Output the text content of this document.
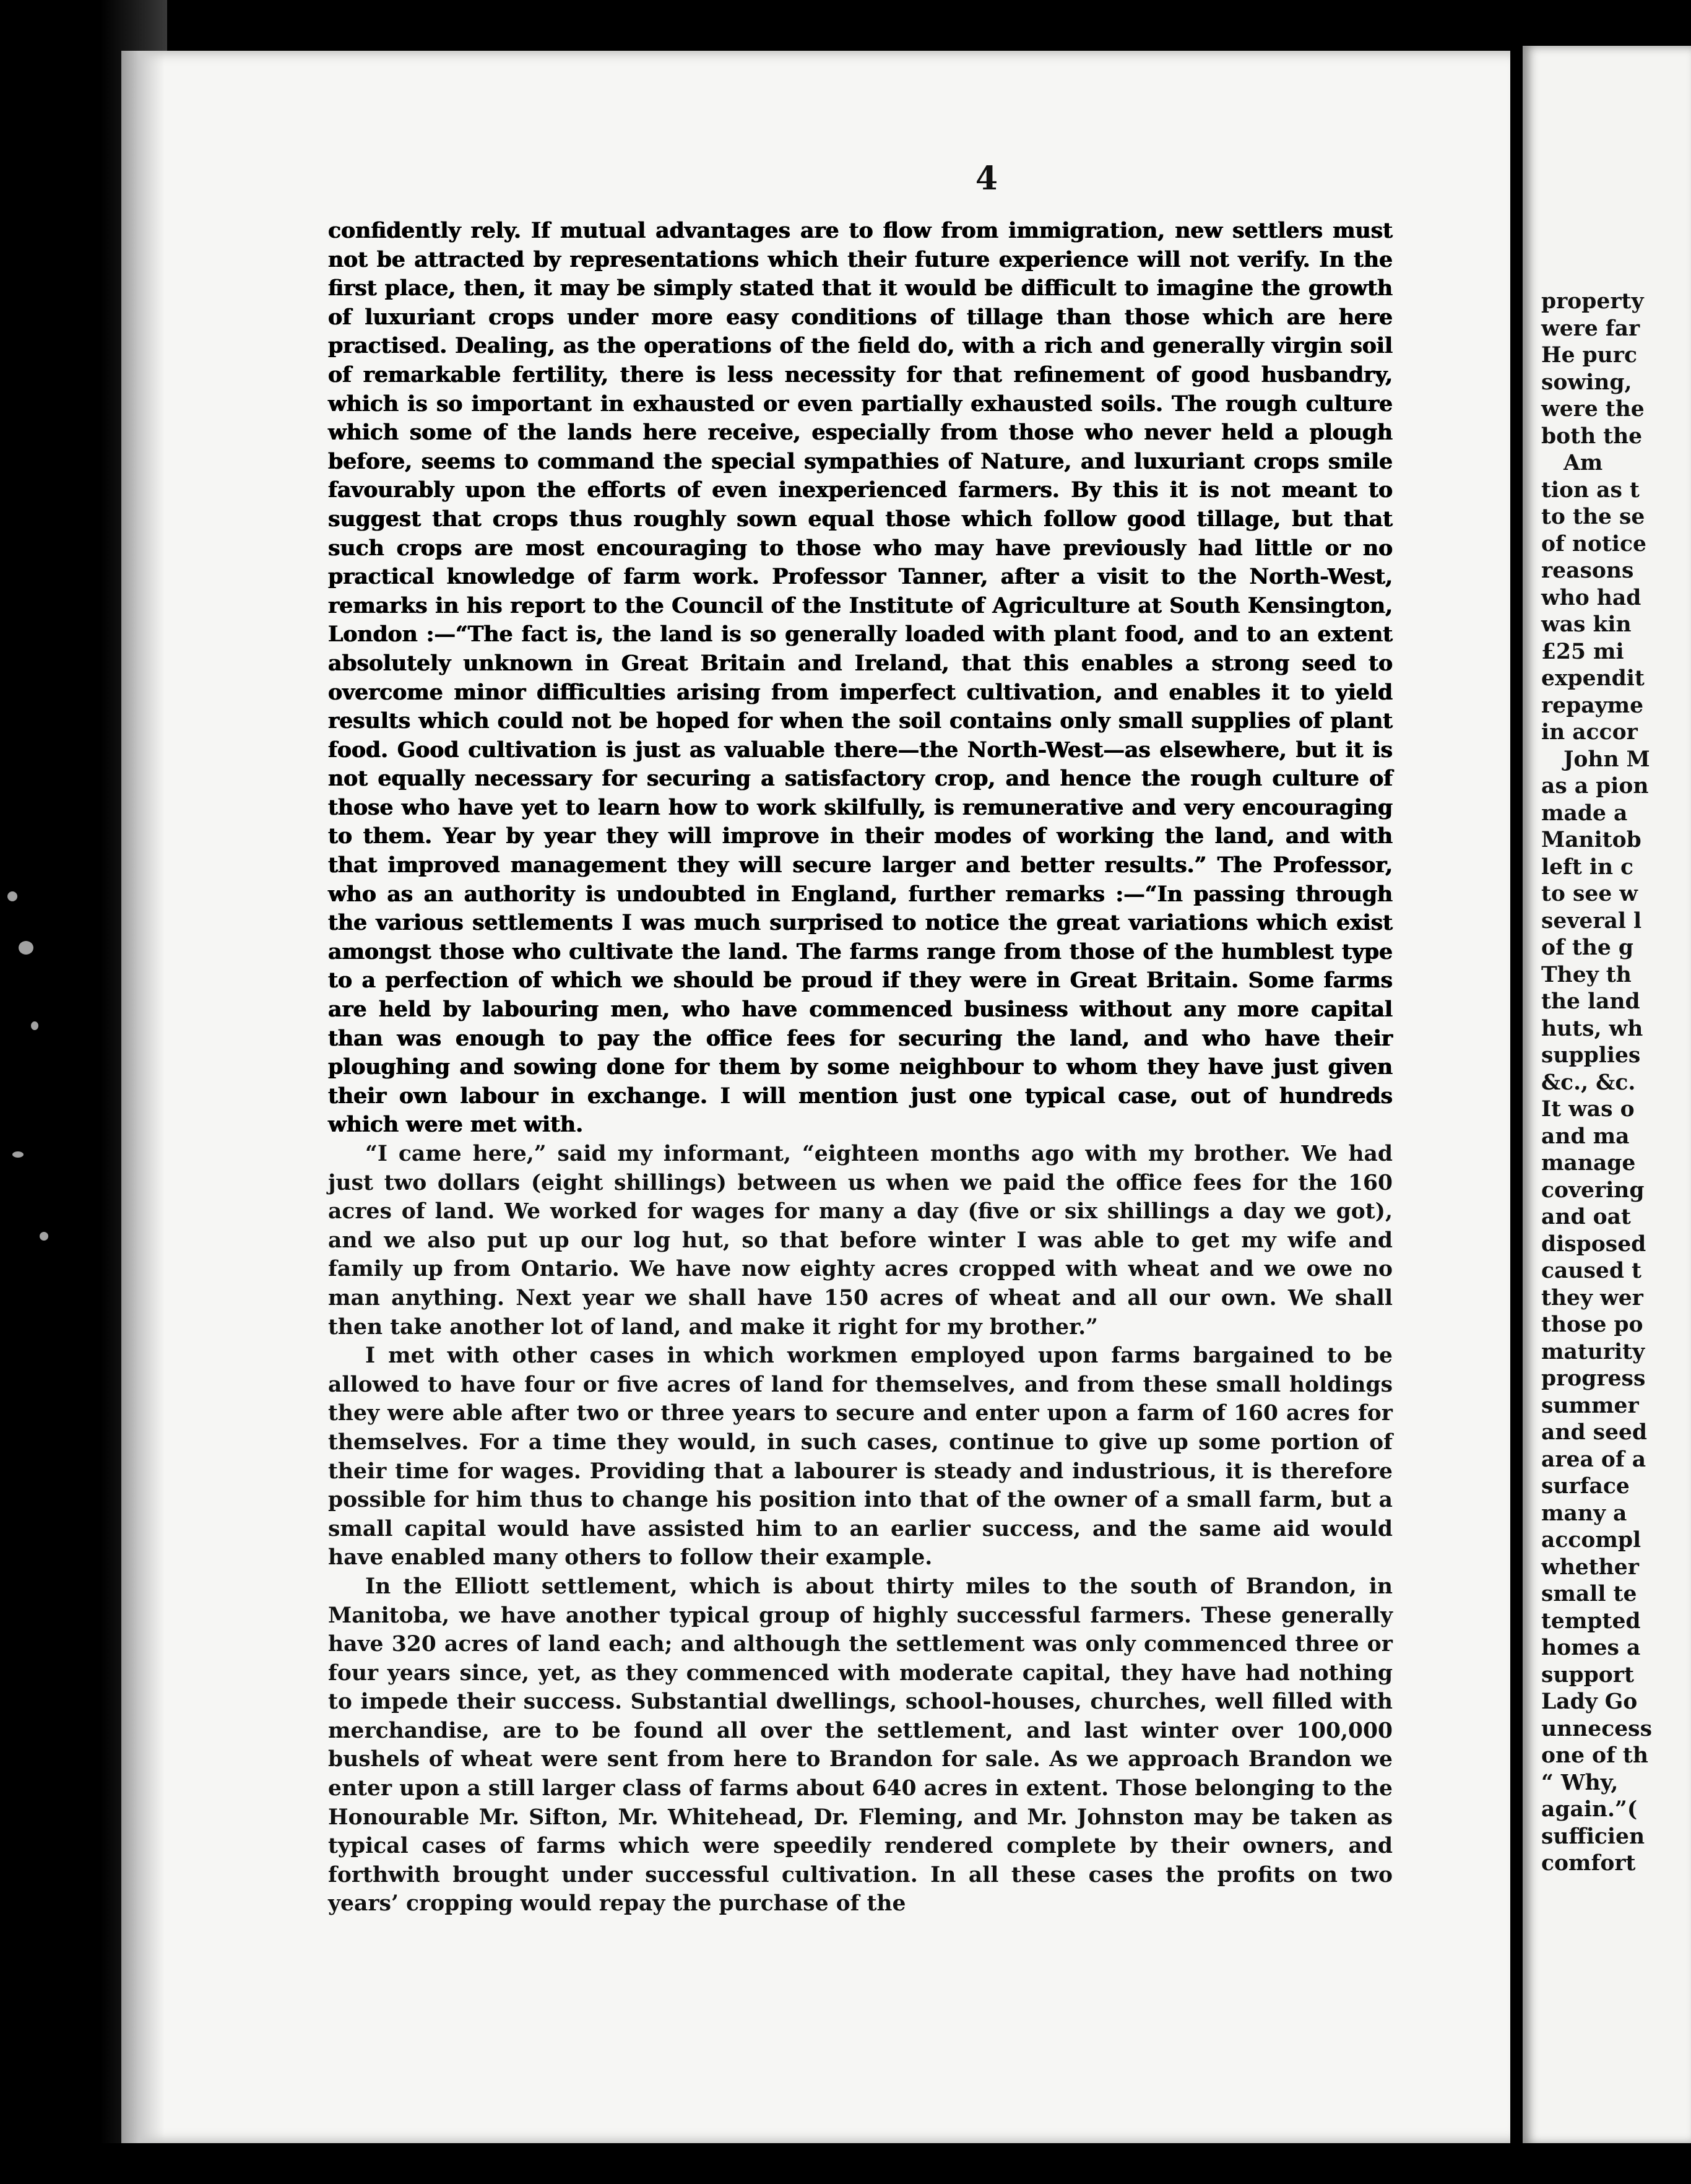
4

confidently rely. If mutual advantages are to flow from immigration, new settlers must not be attracted by representations which their future experience will not verify. In the first place, then, it may be simply stated that it would be difficult to imagine the growth of luxuriant crops under more easy conditions of tillage than those which are here practised. Dealing, as the operations of the field do, with a rich and generally virgin soil of remarkable fertility, there is less necessity for that refinement of good husbandry, which is so important in exhausted or even partially exhausted soils. The rough culture which some of the lands here receive, especially from those who never held a plough before, seems to command the special sympathies of Nature, and luxuriant crops smile favourably upon the efforts of even inexperienced farmers. By this it is not meant to suggest that crops thus roughly sown equal those which follow good tillage, but that such crops are most encouraging to those who may have previously had little or no practical knowledge of farm work. Professor Tanner, after a visit to the North-West, remarks in his report to the Council of the Institute of Agriculture at South Kensington, London :—“The fact is, the land is so generally loaded with plant food, and to an extent absolutely unknown in Great Britain and Ireland, that this enables a strong seed to overcome minor difficulties arising from imperfect cultivation, and enables it to yield results which could not be hoped for when the soil contains only small supplies of plant food. Good cultivation is just as valuable there—the North-West—as elsewhere, but it is not equally necessary for securing a satisfactory crop, and hence the rough culture of those who have yet to learn how to work skilfully, is remunerative and very encouraging to them. Year by year they will improve in their modes of working the land, and with that improved management they will secure larger and better results.” The Professor, who as an authority is undoubted in England, further remarks :—“In passing through the various settlements I was much surprised to notice the great variations which exist amongst those who cultivate the land. The farms range from those of the humblest type to a perfection of which we should be proud if they were in Great Britain. Some farms are held by labouring men, who have commenced business without any more capital than was enough to pay the office fees for securing the land, and who have their ploughing and sowing done for them by some neighbour to whom they have just given their own labour in exchange. I will mention just one typical case, out of hundreds which were met with.

“I came here,” said my informant, “eighteen months ago with my brother. We had just two dollars (eight shillings) between us when we paid the office fees for the 160 acres of land. We worked for wages for many a day (five or six shillings a day we got), and we also put up our log hut, so that before winter I was able to get my wife and family up from Ontario. We have now eighty acres cropped with wheat and we owe no man anything. Next year we shall have 150 acres of wheat and all our own. We shall then take another lot of land, and make it right for my brother.”

I met with other cases in which workmen employed upon farms bargained to be allowed to have four or five acres of land for themselves, and from these small holdings they were able after two or three years to secure and enter upon a farm of 160 acres for themselves. For a time they would, in such cases, continue to give up some portion of their time for wages. Providing that a labourer is steady and industrious, it is therefore possible for him thus to change his position into that of the owner of a small farm, but a small capital would have assisted him to an earlier success, and the same aid would have enabled many others to follow their example.

In the Elliott settlement, which is about thirty miles to the south of Brandon, in Manitoba, we have another typical group of highly successful farmers. These generally have 320 acres of land each; and although the settlement was only commenced three or four years since, yet, as they commenced with moderate capital, they have had nothing to impede their success. Substantial dwellings, school-houses, churches, well filled with merchandise, are to be found all over the settlement, and last winter over 100,000 bushels of wheat were sent from here to Brandon for sale. As we approach Brandon we enter upon a still larger class of farms about 640 acres in extent. Those belonging to the Honourable Mr. Sifton, Mr. Whitehead, Dr. Fleming, and Mr. Johnston may be taken as typical cases of farms which were speedily rendered complete by their owners, and forthwith brought under successful cultivation. In all these cases the profits on two years’ cropping would repay the purchase of the

property
were far
He purc
sowing,
were the
both the
Am
tion as t
to the se
of notice
reasons
who had
was kin
£25 mi
expendit
repayme
in accor
John M
as a pion
made a
Manitob
left in c
to see w
several l
of the g
They th
the land
huts, wh
supplies
&c., &c.
It was o
and ma
manage
covering
and oat
disposed
caused t
they wer
those po
maturity
progress
summer
and seed
area of a
surface
many a
accompl
whether
small te
tempted
homes a
support
Lady Go
unnecess
one of th
“ Why,
again.”(
sufficien
comfort
